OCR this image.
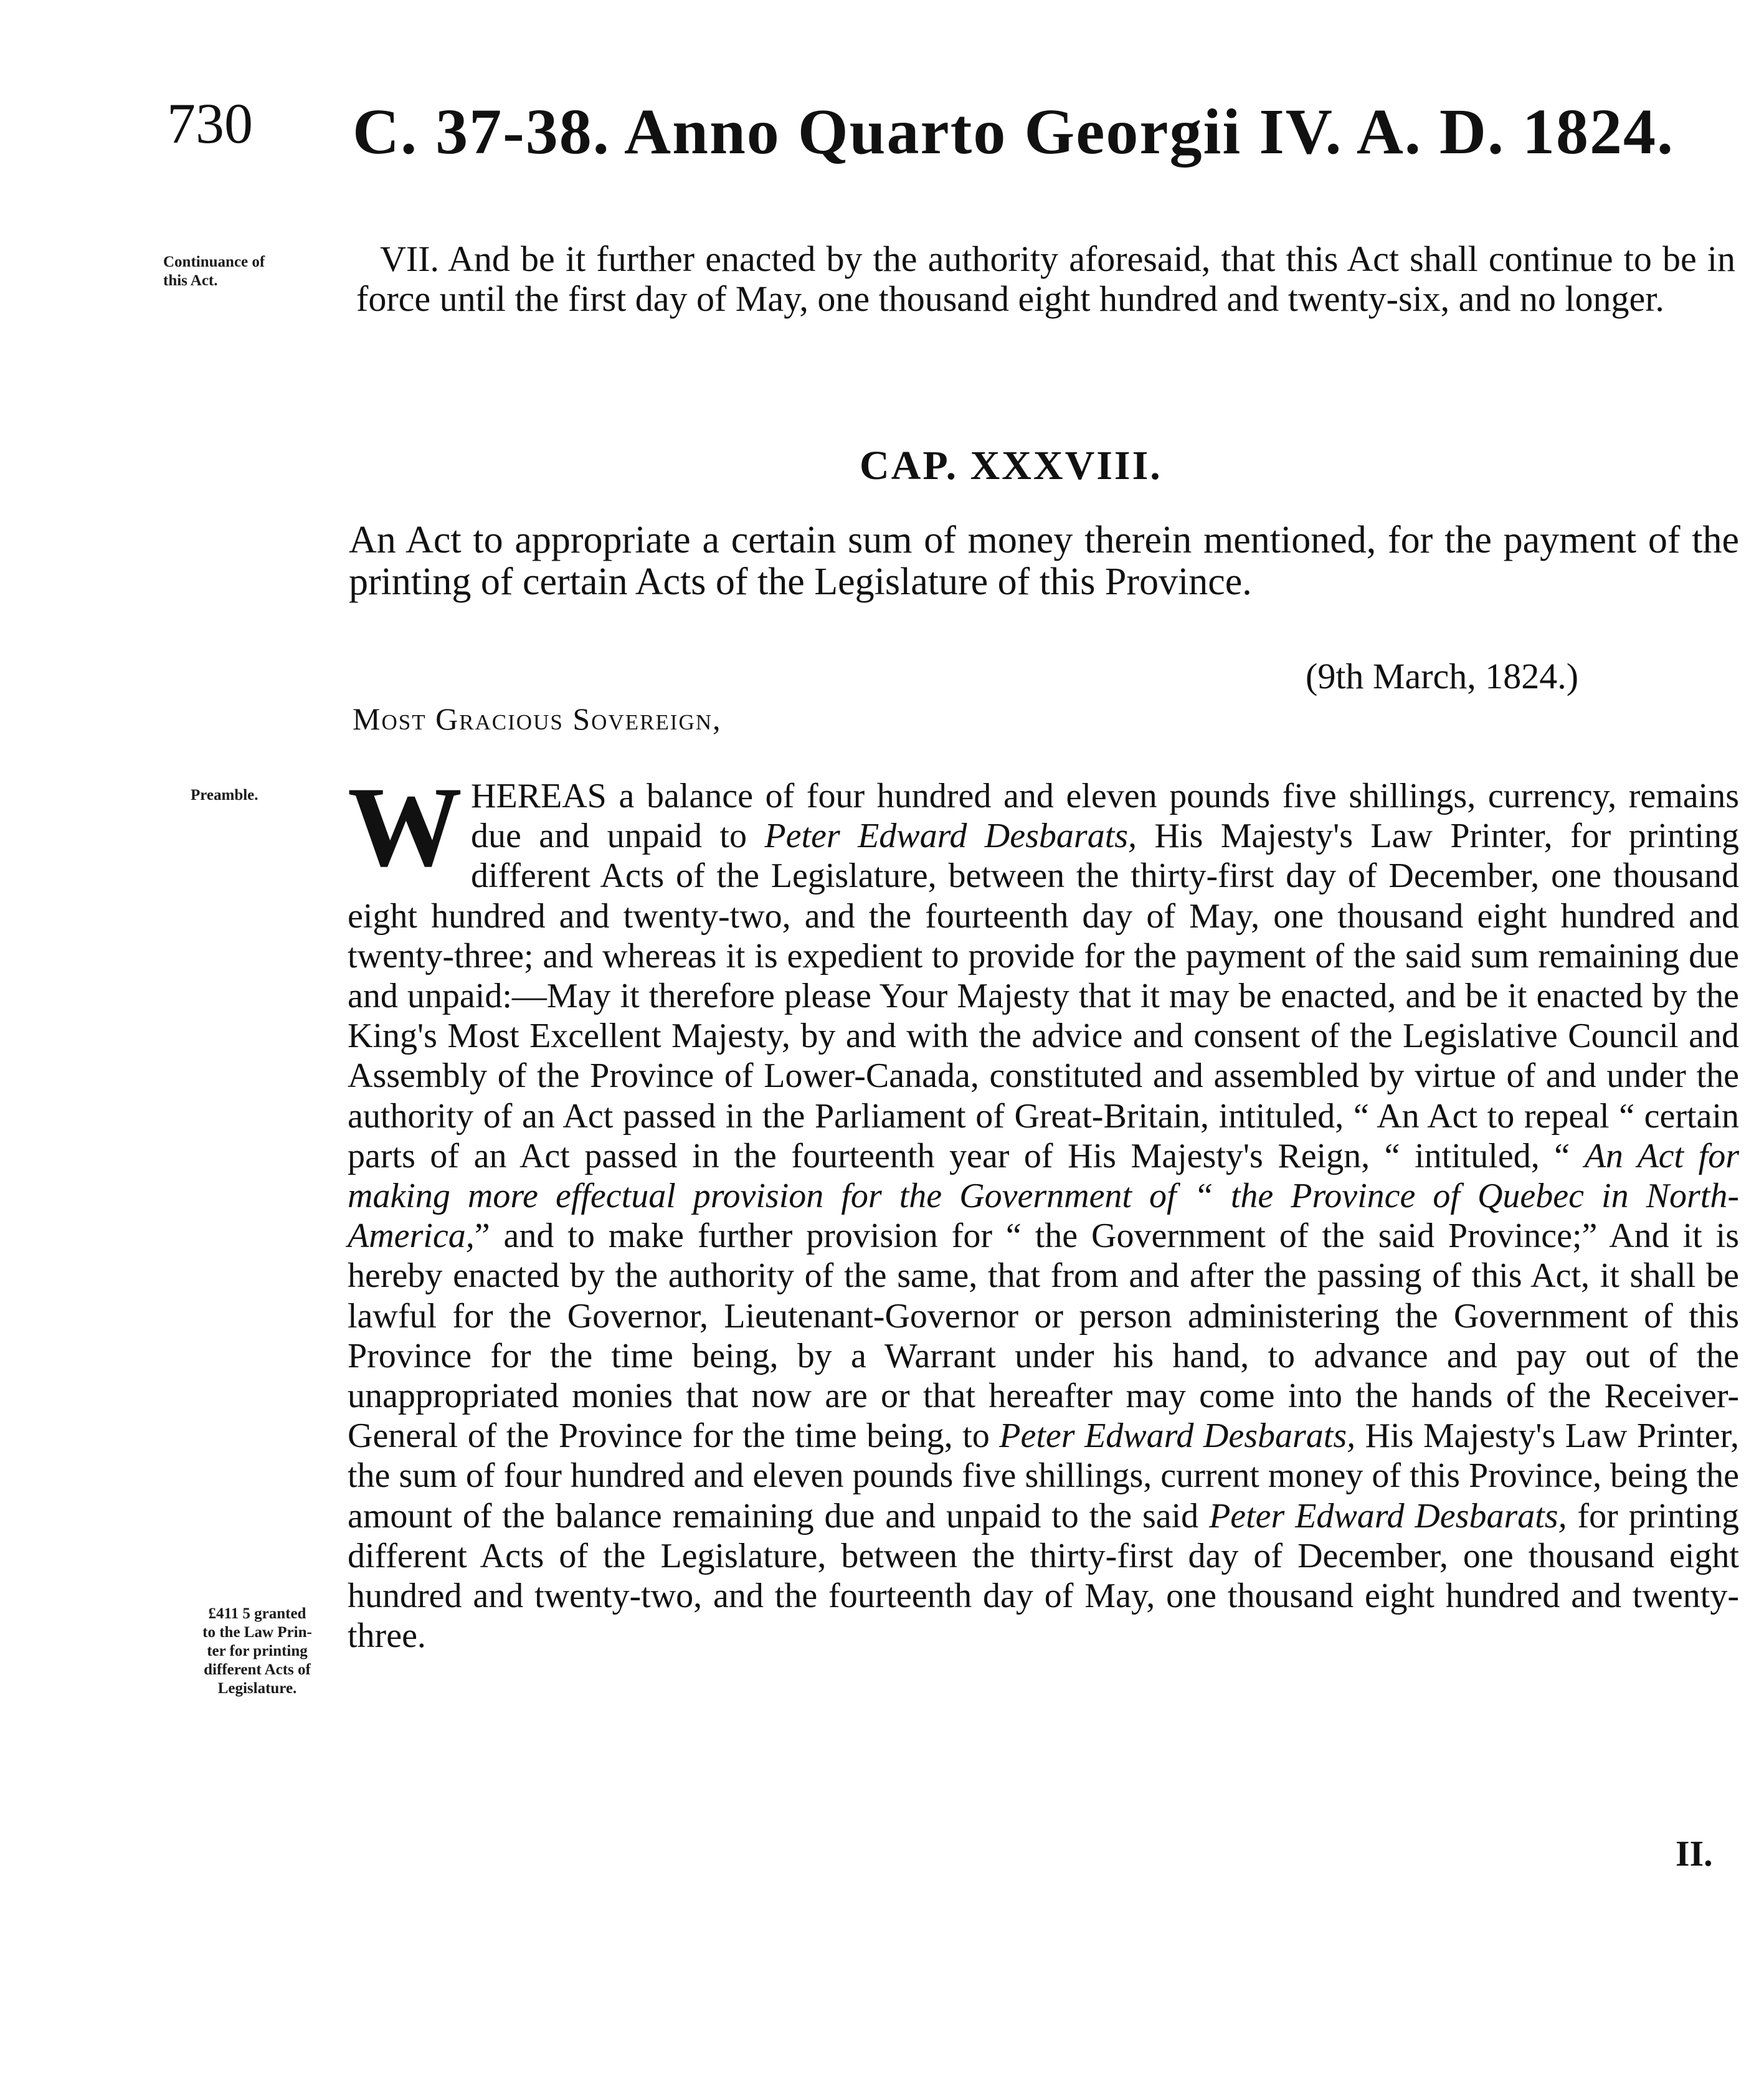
730 C. 37-38. Anno Quarto Georgii IV. A. D. 1824.
Continuance of
this Act.
VII. And be it further enacted by the authority aforesaid, that this Act shall continue to be in force until the first day of May, one thousand eight hundred and twenty-six, and no longer.
CAP. XXXVIII.
An Act to appropriate a certain sum of money therein mentioned, for the payment of the printing of certain Acts of the Legislature of this Province.
(9th March, 1824.)
Most Gracious Sovereign,
Preamble. WHEREAS a balance of four hundred and eleven pounds five shillings, currency, remains due and unpaid to Peter Edward Desbarats, His Majesty's Law Printer, for printing different Acts of the Legislature, between the thirty-first day of December, one thousand eight hundred and twenty-two, and the fourteenth day of May, one thousand eight hundred and twenty-three; and whereas it is expedient to provide for the payment of the said sum remaining due and unpaid:—May it therefore please Your Majesty that it may be enacted, and be it enacted by the King's Most Excellent Majesty, by and with the advice and consent of the Legislative Council and Assembly of the Province of Lower-Canada, constituted and assembled by virtue of and under the authority of an Act passed in the Parliament of Great-Britain, intituled, “ An Act to repeal “ certain parts of an Act passed in the fourteenth year of His Majesty's Reign, “ intituled, “ An Act for making more effectual provision for the Government of “ the Province of Quebec in North-America,” and to make further provision for “ the Government of the said Province;” And it is hereby enacted by the authority of the same, that from and after the passing of this Act, it shall be lawful for the Governor, Lieutenant-Governor or person administering the Government of this Province for the time being, by a Warrant under his hand, to advance and pay out of the unappropriated monies that now are or that hereafter may come into the hands of the Receiver-General of the Province for the time being, to Peter Edward Desbarats, His Majesty's Law Printer, the sum of four hundred and eleven pounds five shillings, current money of this Province, being the amount of the balance remaining due and unpaid to the said Peter Edward Desbarats, for printing different Acts of the Legislature, between the thirty-first day of December, one thousand eight hundred and twenty-two, and the fourteenth day of May, one thousand eight hundred and twenty-three.
£411 5 granted
to the Law Prin-
ter for printing
different Acts of
Legislature.
II.
